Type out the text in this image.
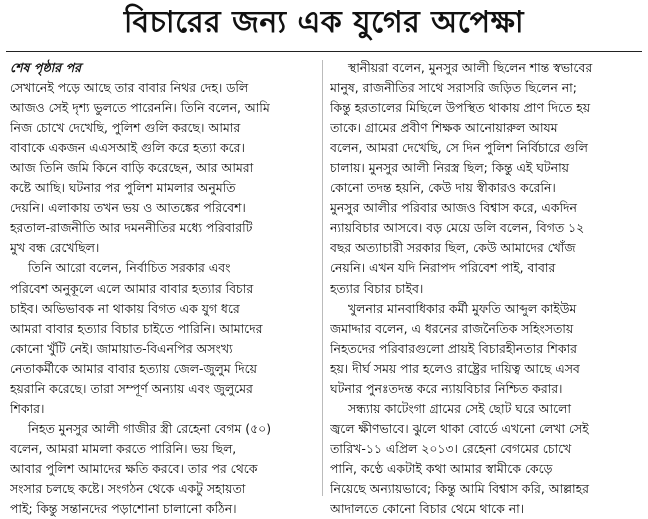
বিচারের জন্য এক যুগের অপেক্ষা
শেষ পৃষ্ঠার পর
সেখানেই পড়ে আছে তার বাবার নিথর দেহ। ডলি
আজও সেই দৃশ্য ভুলতে পারেননি। তিনি বলেন, আমি
নিজ চোখে দেখেছি, পুলিশ গুলি করছে। আমার
বাবাকে একজন এএসআই গুলি করে হত্যা করে।
আজ তিনি জমি কিনে বাড়ি করেছেন, আর আমরা
কষ্টে আছি। ঘটনার পর পুলিশ মামলার অনুমতি
দেয়নি। এলাকায় তখন ভয় ও আতঙ্কের পরিবেশ।
হরতাল-রাজনীতি আর দমননীতির মধ্যে পরিবারটি
মুখ বন্ধ রেখেছিল।
তিনি আরো বলেন, নির্বাচিত সরকার এবং
পরিবেশ অনুকূলে এলে আমার বাবার হত্যার বিচার
চাইব। অভিভাবক না থাকায় বিগত এক যুগ ধরে
আমরা বাবার হত্যার বিচার চাইতে পারিনি। আমাদের
কোনো খুঁটি নেই। জামায়াত-বিএনপির অসংখ্য
নেতাকর্মীকে আমার বাবার হত্যায় জেল-জুলুম দিয়ে
হয়রানি করেছে। তারা সম্পূর্ণ অন্যায় এবং জুলুমের
শিকার।
নিহত মুনসুর আলী গাজীর স্ত্রী রেহেনা বেগম (৫০)
বলেন, আমরা মামলা করতে পারিনি। ভয় ছিল,
আবার পুলিশ আমাদের ক্ষতি করবে। তার পর থেকে
সংসার চলছে কষ্টে। সংগঠন থেকে একটু সহায়তা
পাই; কিন্তু সন্তানদের পড়াশোনা চালানো কঠিন।
স্থানীয়রা বলেন, মুনসুর আলী ছিলেন শান্ত স্বভাবের
মানুষ, রাজনীতির সাথে সরাসরি জড়িত ছিলেন না;
কিন্তু হরতালের মিছিলে উপস্থিত থাকায় প্রাণ দিতে হয়
তাকে। গ্রামের প্রবীণ শিক্ষক আনোয়ারুল আযম
বলেন, আমরা দেখেছি, সে দিন পুলিশ নির্বিচারে গুলি
চালায়। মুনসুর আলী নিরস্ত্র ছিল; কিন্তু এই ঘটনায়
কোনো তদন্ত হয়নি, কেউ দায় স্বীকারও করেনি।
মুনসুর আলীর পরিবার আজও বিশ্বাস করে, একদিন
ন্যায়বিচার আসবে। বড় মেয়ে ডলি বলেন, বিগত ১২
বছর অত্যাচারী সরকার ছিল, কেউ আমাদের খোঁজ
নেয়নি। এখন যদি নিরাপদ পরিবেশ পাই, বাবার
হত্যার বিচার চাইব।
খুলনার মানবাধিকার কর্মী মুফতি আব্দুল কাইউম
জমাদ্দার বলেন, এ ধরনের রাজনৈতিক সহিংসতায়
নিহতদের পরিবারগুলো প্রায়ই বিচারহীনতার শিকার
হয়। দীর্ঘ সময় পার হলেও রাষ্ট্রের দায়িত্ব আছে এসব
ঘটনার পুনঃতদন্ত করে ন্যায়বিচার নিশ্চিত করার।
সন্ধ্যায় কাটেংগা গ্রামের সেই ছোট ঘরে আলো
জ্বলে ক্ষীণভাবে। ঝুলে থাকা বোর্ডে এখনো লেখা সেই
তারিখ-১১ এপ্রিল ২০১৩। রেহেনা বেগমের চোখে
পানি, কণ্ঠে একটাই কথা আমার স্বামীকে কেড়ে
নিয়েছে অন্যায়ভাবে; কিন্তু আমি বিশ্বাস করি, আল্লাহর
আদালতে কোনো বিচার থেমে থাকে না।
